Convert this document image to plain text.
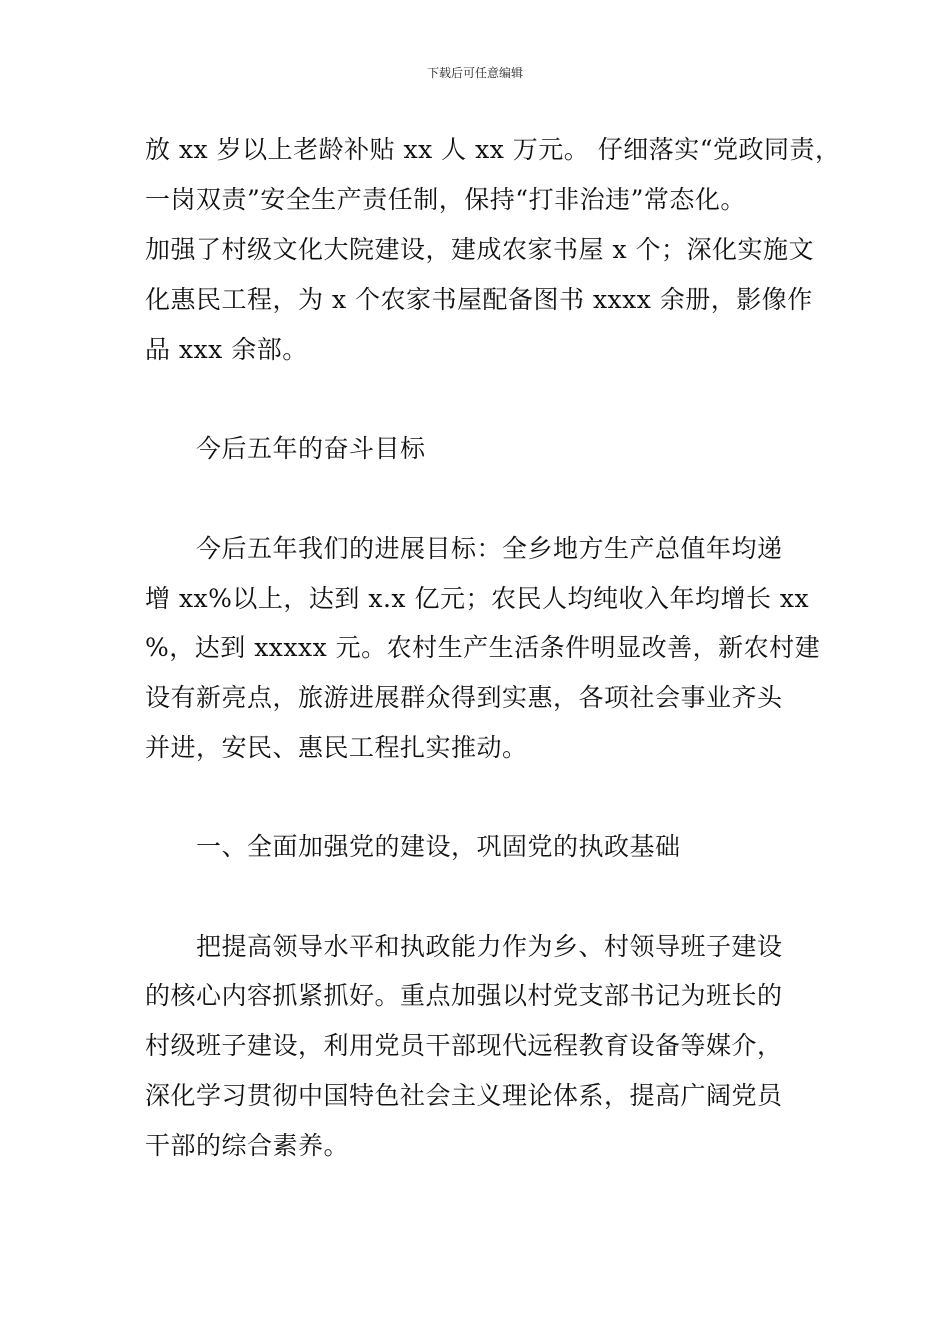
下载后可任意编辑
放 xx 岁以上老龄补贴 xx 人 xx 万元。 仔细落实“党政同责，
一岗双责”安全生产责任制，保持“打非治违”常态化。
加强了村级文化大院建设，建成农家书屋 x 个；深化实施文
化惠民工程，为 x 个农家书屋配备图书 xxxx 余册，影像作
品 xxx 余部。
今后五年的奋斗目标
今后五年我们的进展目标：全乡地方生产总值年均递
增 xx%以上，达到 x.x 亿元；农民人均纯收入年均增长 xx
%，达到 xxxxx 元。农村生产生活条件明显改善，新农村建
设有新亮点，旅游进展群众得到实惠，各项社会事业齐头
并进，安民、惠民工程扎实推动。
一、全面加强党的建设，巩固党的执政基础
把提高领导水平和执政能力作为乡、村领导班子建设
的核心内容抓紧抓好。重点加强以村党支部书记为班长的
村级班子建设，利用党员干部现代远程教育设备等媒介，
深化学习贯彻中国特色社会主义理论体系，提高广阔党员
干部的综合素养。
